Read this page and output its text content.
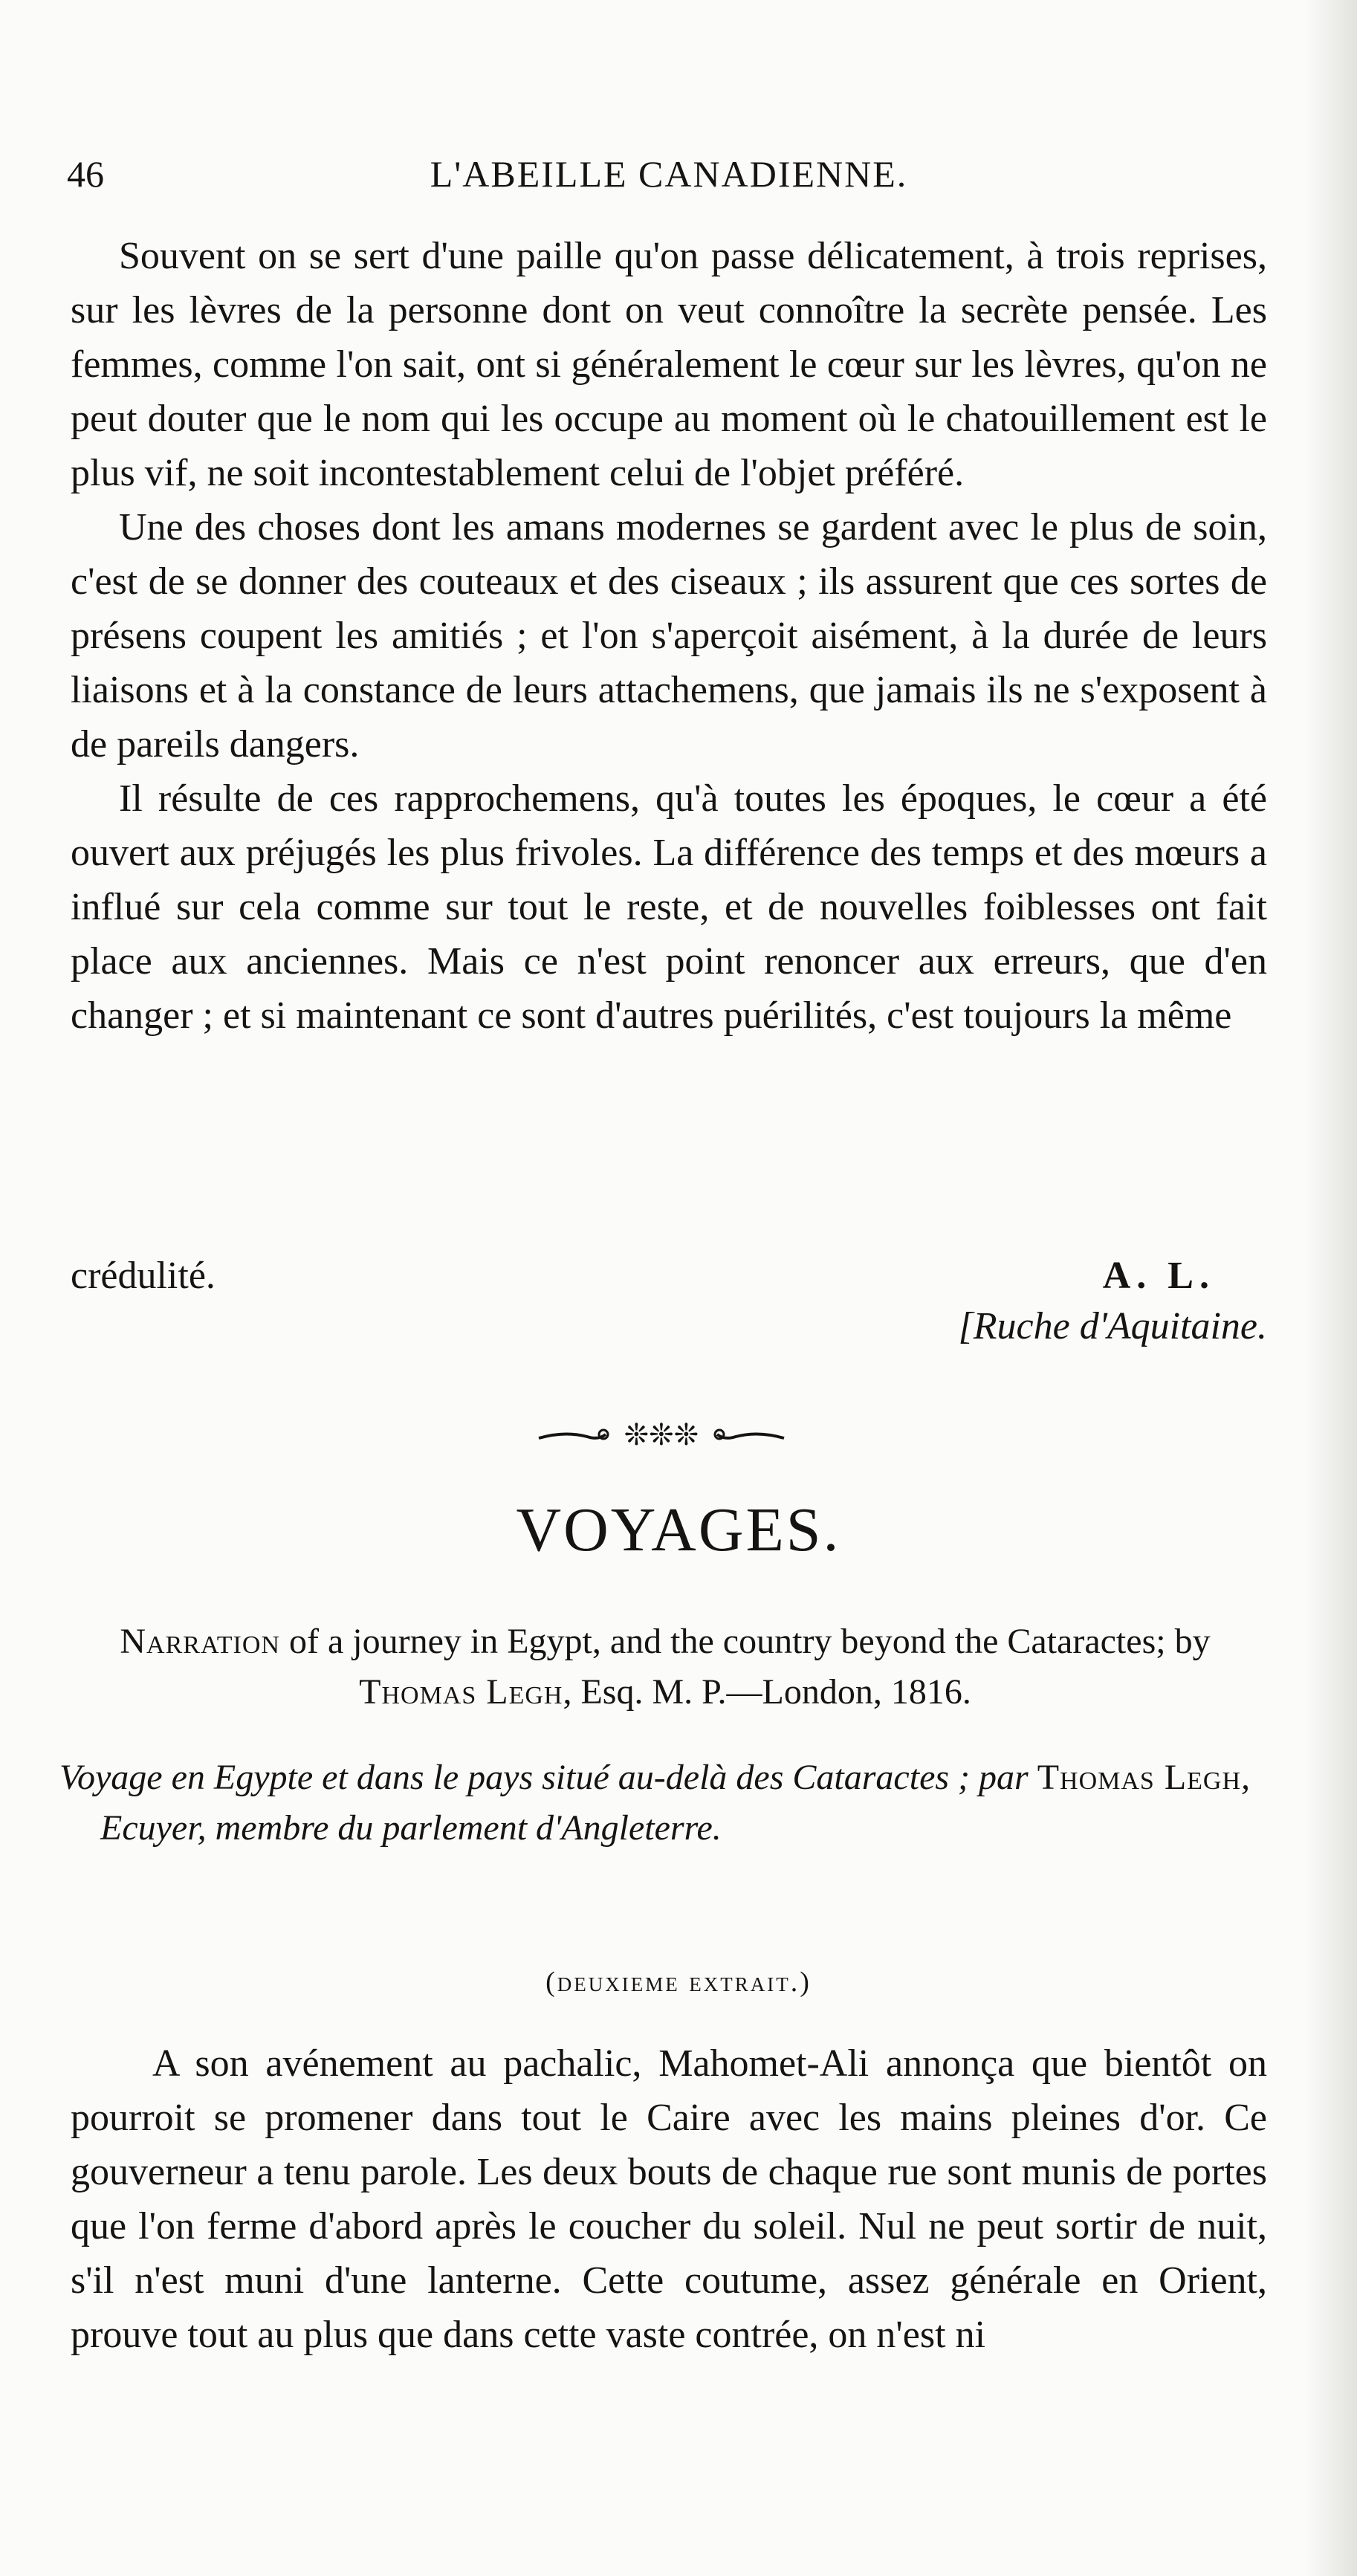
46	L'ABEILLE CANADIENNE.

Souvent on se sert d'une paille qu'on passe délicatement, à trois reprises, sur les lèvres de la personne dont on veut connoître la secrète pensée. Les femmes, comme l'on sait, ont si généralement le cœur sur les lèvres, qu'on ne peut douter que le nom qui les occupe au moment où le chatouillement est le plus vif, ne soit incontestablement celui de l'objet préféré.

Une des choses dont les amans modernes se gardent avec le plus de soin, c'est de se donner des couteaux et des ciseaux ; ils assurent que ces sortes de présens coupent les amitiés ; et l'on s'aperçoit aisément, à la durée de leurs liaisons et à la constance de leurs attachemens, que jamais ils ne s'exposent à de pareils dangers.

Il résulte de ces rapprochemens, qu'à toutes les époques, le cœur a été ouvert aux préjugés les plus frivoles. La différence des temps et des mœurs a influé sur cela comme sur tout le reste, et de nouvelles foiblesses ont fait place aux anciennes. Mais ce n'est point renoncer aux erreurs, que d'en changer ; et si maintenant ce sont d'autres puérilités, c'est toujours la même

crédulité.	A. L.
[Ruche d'Aquitaine.
❊❊❊
VOYAGES.
Narration of a journey in Egypt, and the country beyond the Cataractes; by Thomas Legh, Esq. M. P.—London, 1816.
Voyage en Egypte et dans le pays situé au-delà des Cataractes ; par Thomas Legh, Ecuyer, membre du parlement d'Angleterre.
(deuxieme extrait.)

A son avénement au pachalic, Mahomet-Ali annonça que bientôt on pourroit se promener dans tout le Caire avec les mains pleines d'or. Ce gouverneur a tenu parole. Les deux bouts de chaque rue sont munis de portes que l'on ferme d'abord après le coucher du soleil. Nul ne peut sortir de nuit, s'il n'est muni d'une lanterne. Cette coutume, assez générale en Orient, prouve tout au plus que dans cette vaste contrée, on n'est ni
